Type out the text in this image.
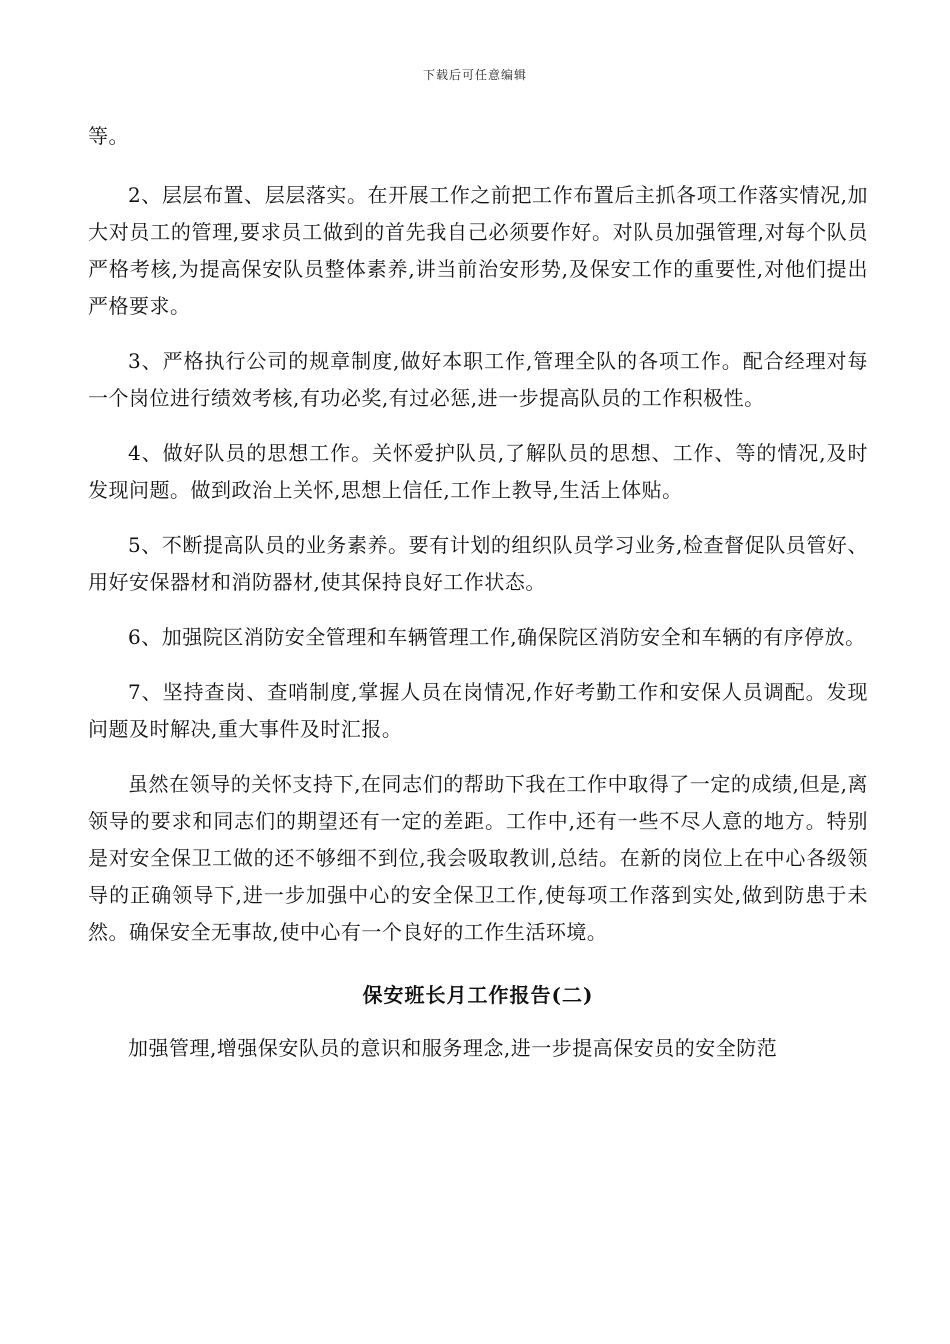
下载后可任意编辑

等。

2、层层布置、层层落实。在开展工作之前把工作布置后主抓各项工作落实情况,加大对员工的管理,要求员工做到的首先我自己必须要作好。对队员加强管理,对每个队员严格考核,为提高保安队员整体素养,讲当前治安形势,及保安工作的重要性,对他们提出严格要求。

3、严格执行公司的规章制度,做好本职工作,管理全队的各项工作。配合经理对每一个岗位进行绩效考核,有功必奖,有过必惩,进一步提高队员的工作积极性。

4、做好队员的思想工作。关怀爱护队员,了解队员的思想、工作、等的情况,及时发现问题。做到政治上关怀,思想上信任,工作上教导,生活上体贴。

5、不断提高队员的业务素养。要有计划的组织队员学习业务,检查督促队员管好、用好安保器材和消防器材,使其保持良好工作状态。

6、加强院区消防安全管理和车辆管理工作,确保院区消防安全和车辆的有序停放。

7、坚持查岗、查哨制度,掌握人员在岗情况,作好考勤工作和安保人员调配。发现问题及时解决,重大事件及时汇报。

虽然在领导的关怀支持下,在同志们的帮助下我在工作中取得了一定的成绩,但是,离领导的要求和同志们的期望还有一定的差距。工作中,还有一些不尽人意的地方。特别是对安全保卫工做的还不够细不到位,我会吸取教训,总结。在新的岗位上在中心各级领导的正确领导下,进一步加强中心的安全保卫工作,使每项工作落到实处,做到防患于未然。确保安全无事故,使中心有一个良好的工作生活环境。

保安班长月工作报告(二)

加强管理,增强保安队员的意识和服务理念,进一步提高保安员的安全防范
